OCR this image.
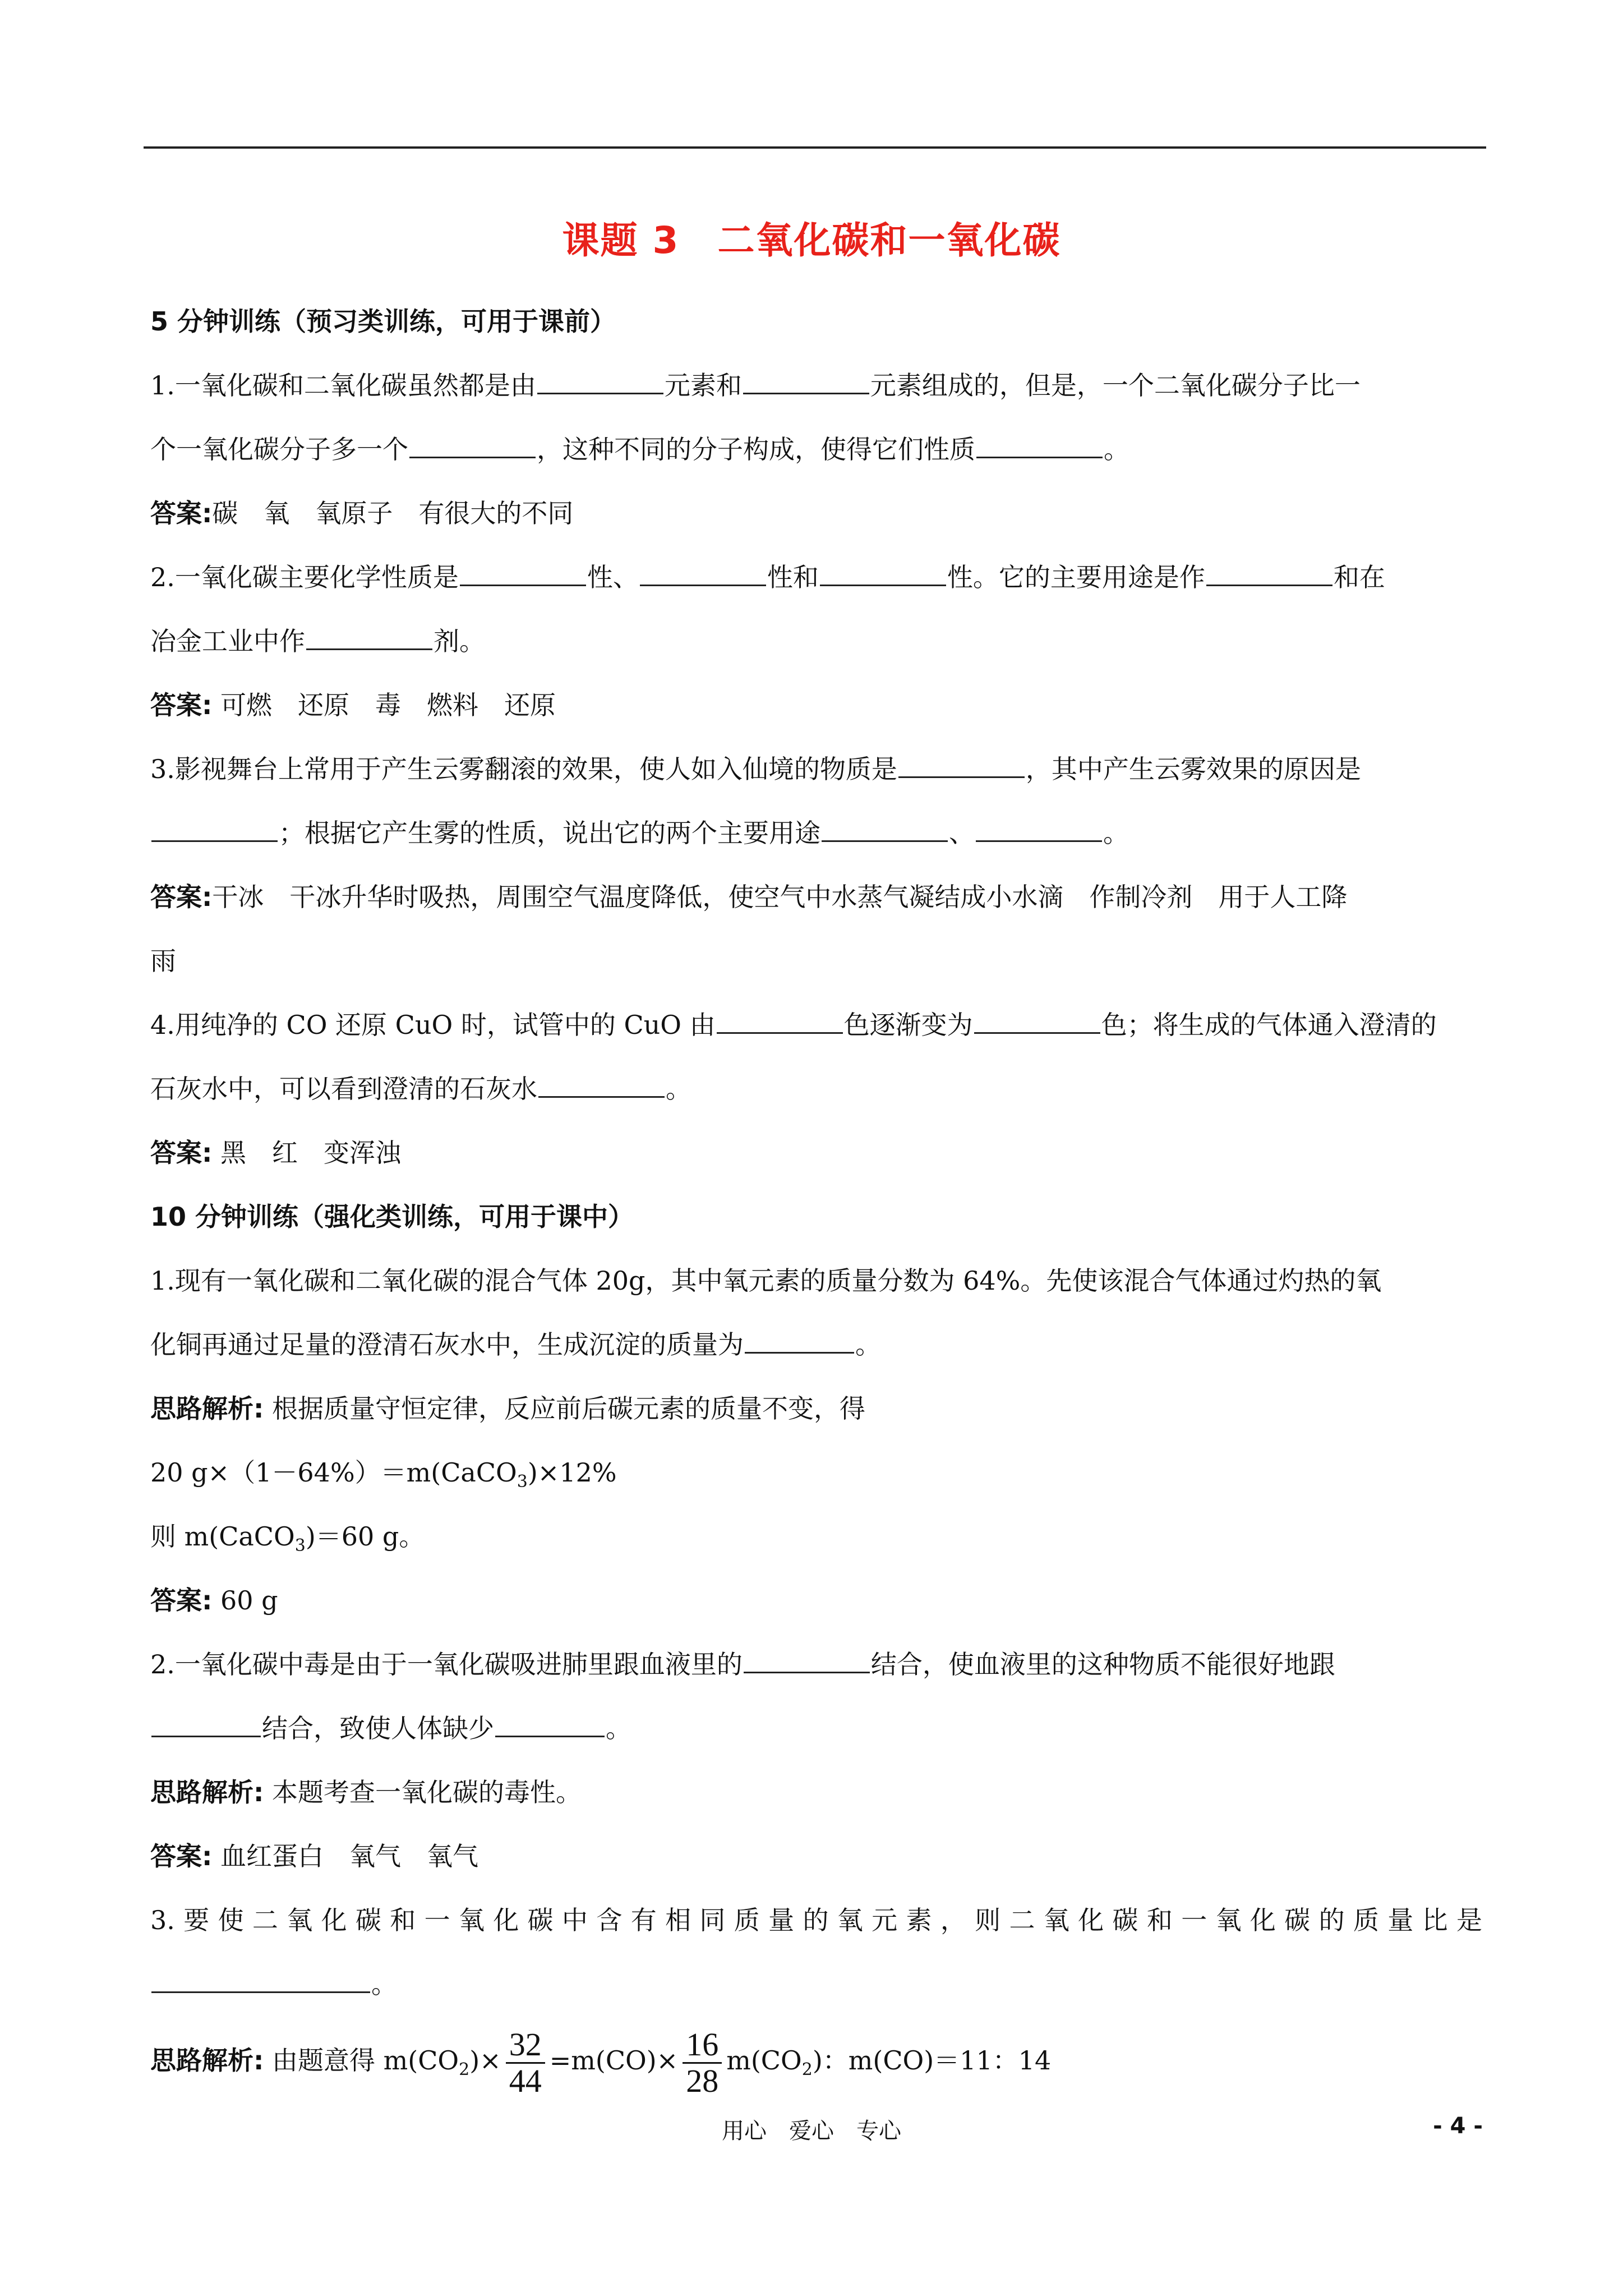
课题 3　二氧化碳和一氧化碳
5 分钟训练（预习类训练，可用于课前）
1.一氧化碳和二氧化碳虽然都是由	元素和	元素组成的，但是，一个二氧化碳分子比一
个一氧化碳分子多一个	，这种不同的分子构成，使得它们性质	。
答案:碳　氧　氧原子　有很大的不同
2.一氧化碳主要化学性质是	性、	性和	性。它的主要用途是作	和在
冶金工业中作	剂。
答案: 可燃　还原　毒　燃料　还原
3.影视舞台上常用于产生云雾翻滚的效果，使人如入仙境的物质是	，其中产生云雾效果的原因是
；根据它产生雾的性质，说出它的两个主要用途	、	。
答案:干冰　干冰升华时吸热，周围空气温度降低，使空气中水蒸气凝结成小水滴　作制冷剂　用于人工降
雨
4.用纯净的 CO 还原 CuO 时，试管中的 CuO 由	色逐渐变为	色；将生成的气体通入澄清的
石灰水中，可以看到澄清的石灰水	。
答案: 黑　红　变浑浊
10 分钟训练（强化类训练，可用于课中）
1.现有一氧化碳和二氧化碳的混合气体 20g，其中氧元素的质量分数为 64%。先使该混合气体通过灼热的氧
化铜再通过足量的澄清石灰水中，生成沉淀的质量为	。
思路解析: 根据质量守恒定律，反应前后碳元素的质量不变，得
20 g×（1－64%）＝m(CaCO$_3$)×12%
则 m(CaCO$_3$)＝60 g。
答案: 60 g
2.一氧化碳中毒是由于一氧化碳吸进肺里跟血液里的	结合，使血液里的这种物质不能很好地跟
结合，致使人体缺少	。
思路解析: 本题考查一氧化碳的毒性。
答案: 血红蛋白　氧气　氧气
3.要使二氧化碳和一氧化碳中含有相同质量的氧元素，则二氧化碳和一氧化碳的质量比是
。
思路解析: 由题意得 $m(CO_2)\times \frac{32}{44} =m(CO)\times \frac{16}{28} m(CO_2)$：m(CO)＝11：14
用心　爱心　专心	- 4 -
